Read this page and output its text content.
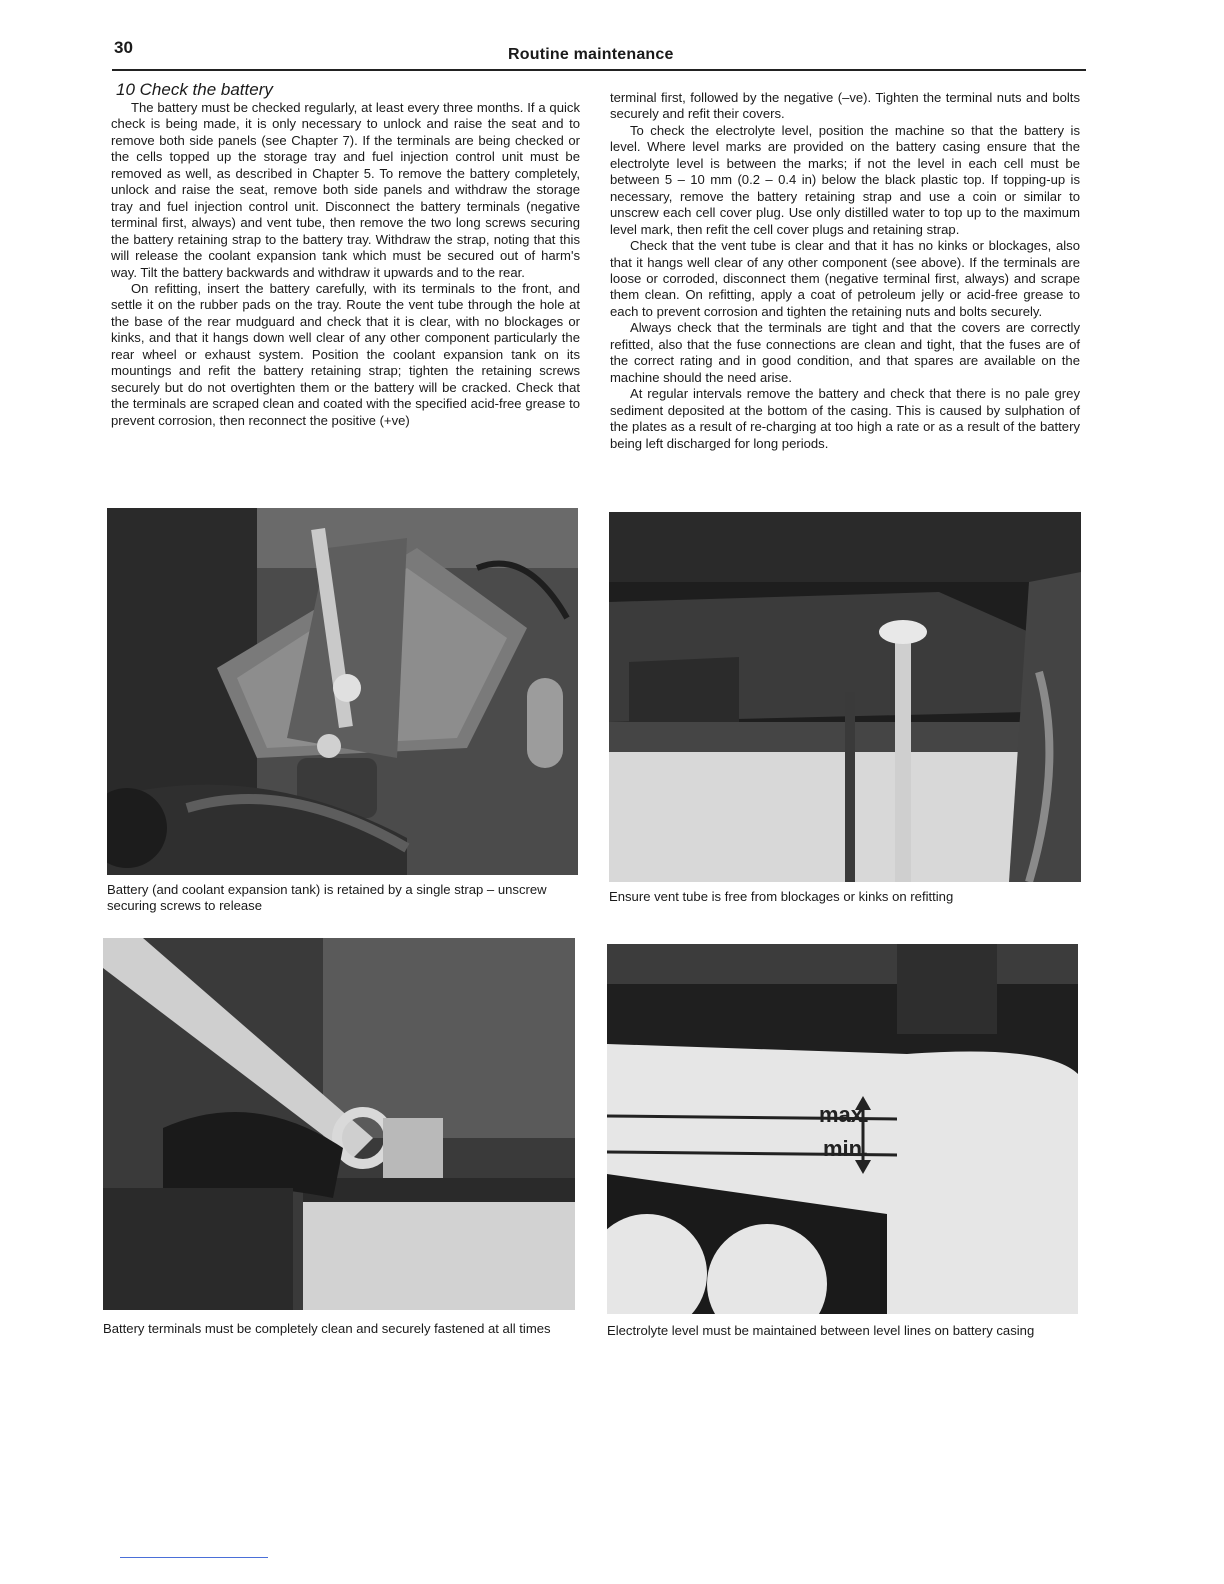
30	Routine maintenance
10 Check the battery

The battery must be checked regularly, at least every three months. If a quick check is being made, it is only necessary to unlock and raise the seat and to remove both side panels (see Chapter 7). If the terminals are being checked or the cells topped up the storage tray and fuel injection control unit must be removed as well, as described in Chapter 5. To remove the battery completely, unlock and raise the seat, remove both side panels and withdraw the storage tray and fuel injection control unit. Disconnect the battery terminals (negative terminal first, always) and vent tube, then remove the two long screws securing the battery retaining strap to the battery tray. Withdraw the strap, noting that this will release the coolant expansion tank which must be secured out of harm's way. Tilt the battery backwards and withdraw it upwards and to the rear.

On refitting, insert the battery carefully, with its terminals to the front, and settle it on the rubber pads on the tray. Route the vent tube through the hole at the base of the rear mudguard and check that it is clear, with no blockages or kinks, and that it hangs down well clear of any other component particularly the rear wheel or exhaust system. Position the coolant expansion tank on its mountings and refit the battery retaining strap; tighten the retaining screws securely but do not overtighten them or the battery will be cracked. Check that the terminals are scraped clean and coated with the specified acid-free grease to prevent corrosion, then reconnect the positive (+ve)

terminal first, followed by the negative (–ve). Tighten the terminal nuts and bolts securely and refit their covers.

To check the electrolyte level, position the machine so that the battery is level. Where level marks are provided on the battery casing ensure that the electrolyte level is between the marks; if not the level in each cell must be between 5 – 10 mm (0.2 – 0.4 in) below the black plastic top. If topping-up is necessary, remove the battery retaining strap and use a coin or similar to unscrew each cell cover plug. Use only distilled water to top up to the maximum level mark, then refit the cell cover plugs and retaining strap.

Check that the vent tube is clear and that it has no kinks or blockages, also that it hangs well clear of any other component (see above). If the terminals are loose or corroded, disconnect them (negative terminal first, always) and scrape them clean. On refitting, apply a coat of petroleum jelly or acid-free grease to each to prevent corrosion and tighten the retaining nuts and bolts securely.

Always check that the terminals are tight and that the covers are correctly refitted, also that the fuse connections are clean and tight, that the fuses are of the correct rating and in good condition, and that spares are available on the machine should the need arise.

At regular intervals remove the battery and check that there is no pale grey sediment deposited at the bottom of the casing. This is caused by sulphation of the plates as a result of re-charging at too high a rate or as a result of the battery being left discharged for long periods.

Battery (and coolant expansion tank) is retained by a single strap – unscrew securing screws to release

Ensure vent tube is free from blockages or kinks on refitting

Battery terminals must be completely clean and securely fastened at all times

max.
min.

Electrolyte level must be maintained between level lines on battery casing
